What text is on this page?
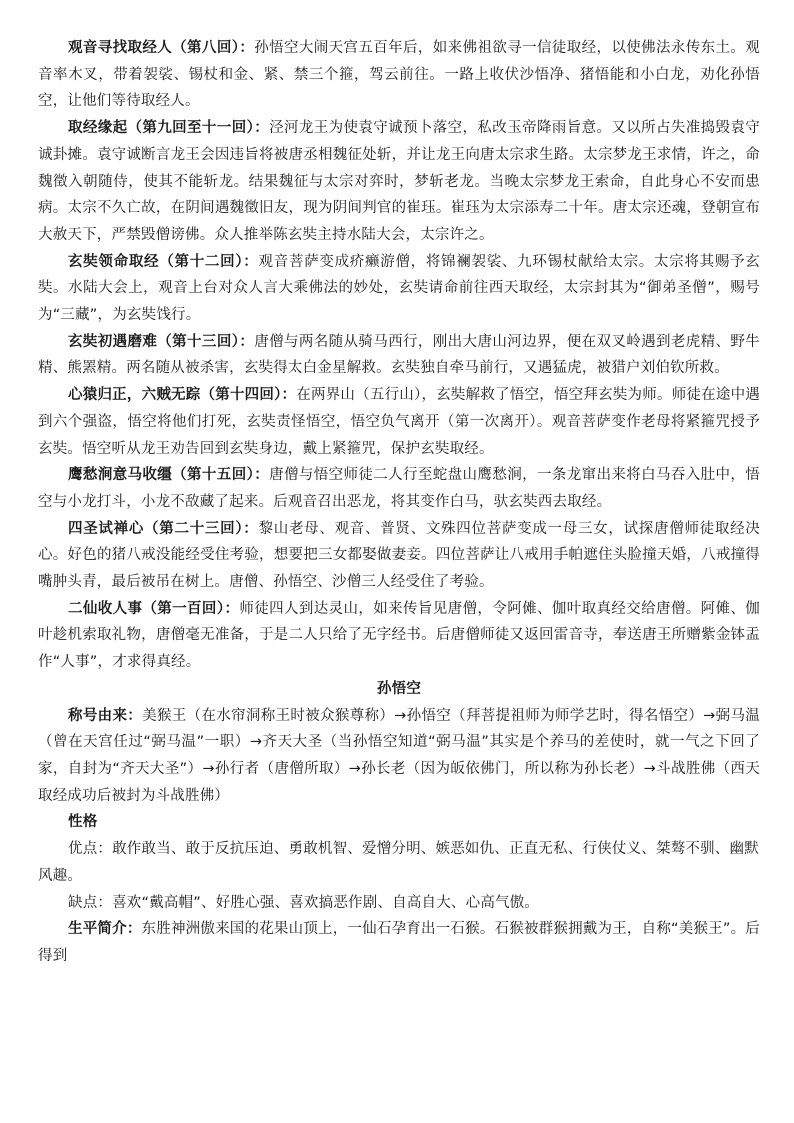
观音寻找取经人（第八回）：孙悟空大闹天宫五百年后，如来佛祖欲寻一信徒取经，以使佛法永传东土。观音率木叉，带着袈裟、锡杖和金、紧、禁三个箍，驾云前往。一路上收伏沙悟净、猪悟能和小白龙，劝化孙悟空，让他们等待取经人。

取经缘起（第九回至十一回）：泾河龙王为使袁守诚预卜落空，私改玉帝降雨旨意。又以所占失准捣毁袁守诚卦摊。袁守诚断言龙王会因违旨将被唐丞相魏征处斩，并让龙王向唐太宗求生路。太宗梦龙王求情，许之，命魏徵入朝随侍，使其不能斩龙。结果魏征与太宗对弈时，梦斩老龙。当晚太宗梦龙王索命，自此身心不安而患病。太宗不久亡故，在阴间遇魏徵旧友，现为阴间判官的崔珏。崔珏为太宗添寿二十年。唐太宗还魂，登朝宣布大赦天下，严禁毁僧谤佛。众人推举陈玄奘主持水陆大会，太宗许之。

玄奘领命取经（第十二回）：观音菩萨变成疥癞游僧，将锦襕袈裟、九环锡杖献给太宗。太宗将其赐予玄奘。水陆大会上，观音上台对众人言大乘佛法的妙处，玄奘请命前往西天取经，太宗封其为“御弟圣僧”，赐号为“三藏”，为玄奘饯行。

玄奘初遇磨难（第十三回）：唐僧与两名随从骑马西行，刚出大唐山河边界，便在双叉岭遇到老虎精、野牛精、熊罴精。两名随从被杀害，玄奘得太白金星解救。玄奘独自牵马前行，又遇猛虎，被猎户刘伯钦所救。

心猿归正，六贼无踪（第十四回）：在两界山（五行山），玄奘解救了悟空，悟空拜玄奘为师。师徒在途中遇到六个强盗，悟空将他们打死，玄奘责怪悟空，悟空负气离开（第一次离开）。观音菩萨变作老母将紧箍咒授予玄奘。悟空听从龙王劝告回到玄奘身边，戴上紧箍咒，保护玄奘取经。

鹰愁涧意马收缰（第十五回）：唐僧与悟空师徒二人行至蛇盘山鹰愁涧，一条龙窜出来将白马吞入肚中，悟空与小龙打斗，小龙不敌藏了起来。后观音召出恶龙，将其变作白马，驮玄奘西去取经。

四圣试禅心（第二十三回）：黎山老母、观音、普贤、文殊四位菩萨变成一母三女，试探唐僧师徒取经决心。好色的猪八戒没能经受住考验，想要把三女都娶做妻妾。四位菩萨让八戒用手帕遮住头脸撞天婚，八戒撞得嘴肿头青，最后被吊在树上。唐僧、孙悟空、沙僧三人经受住了考验。

二仙收人事（第一百回）：师徒四人到达灵山，如来传旨见唐僧，令阿傩、伽叶取真经交给唐僧。阿傩、伽叶趁机索取礼物，唐僧毫无准备，于是二人只给了无字经书。后唐僧师徒又返回雷音寺，奉送唐王所赠紫金钵盂作“人事”，才求得真经。

孙悟空

称号由来：美猴王（在水帘洞称王时被众猴尊称）→孙悟空（拜菩提祖师为师学艺时，得名悟空）→弼马温（曾在天宫任过“弼马温”一职）→齐天大圣（当孙悟空知道“弼马温”其实是个养马的差使时，就一气之下回了家，自封为“齐天大圣”）→孙行者（唐僧所取）→孙长老（因为皈依佛门，所以称为孙长老）→斗战胜佛（西天取经成功后被封为斗战胜佛）

性格

优点：敢作敢当、敢于反抗压迫、勇敢机智、爱憎分明、嫉恶如仇、正直无私、行侠仗义、桀骜不驯、幽默风趣。

缺点：喜欢“戴高帽”、好胜心强、喜欢搞恶作剧、自高自大、心高气傲。

生平简介：东胜神洲傲来国的花果山顶上，一仙石孕育出一石猴。石猴被群猴拥戴为王，自称“美猴王”。后得到
